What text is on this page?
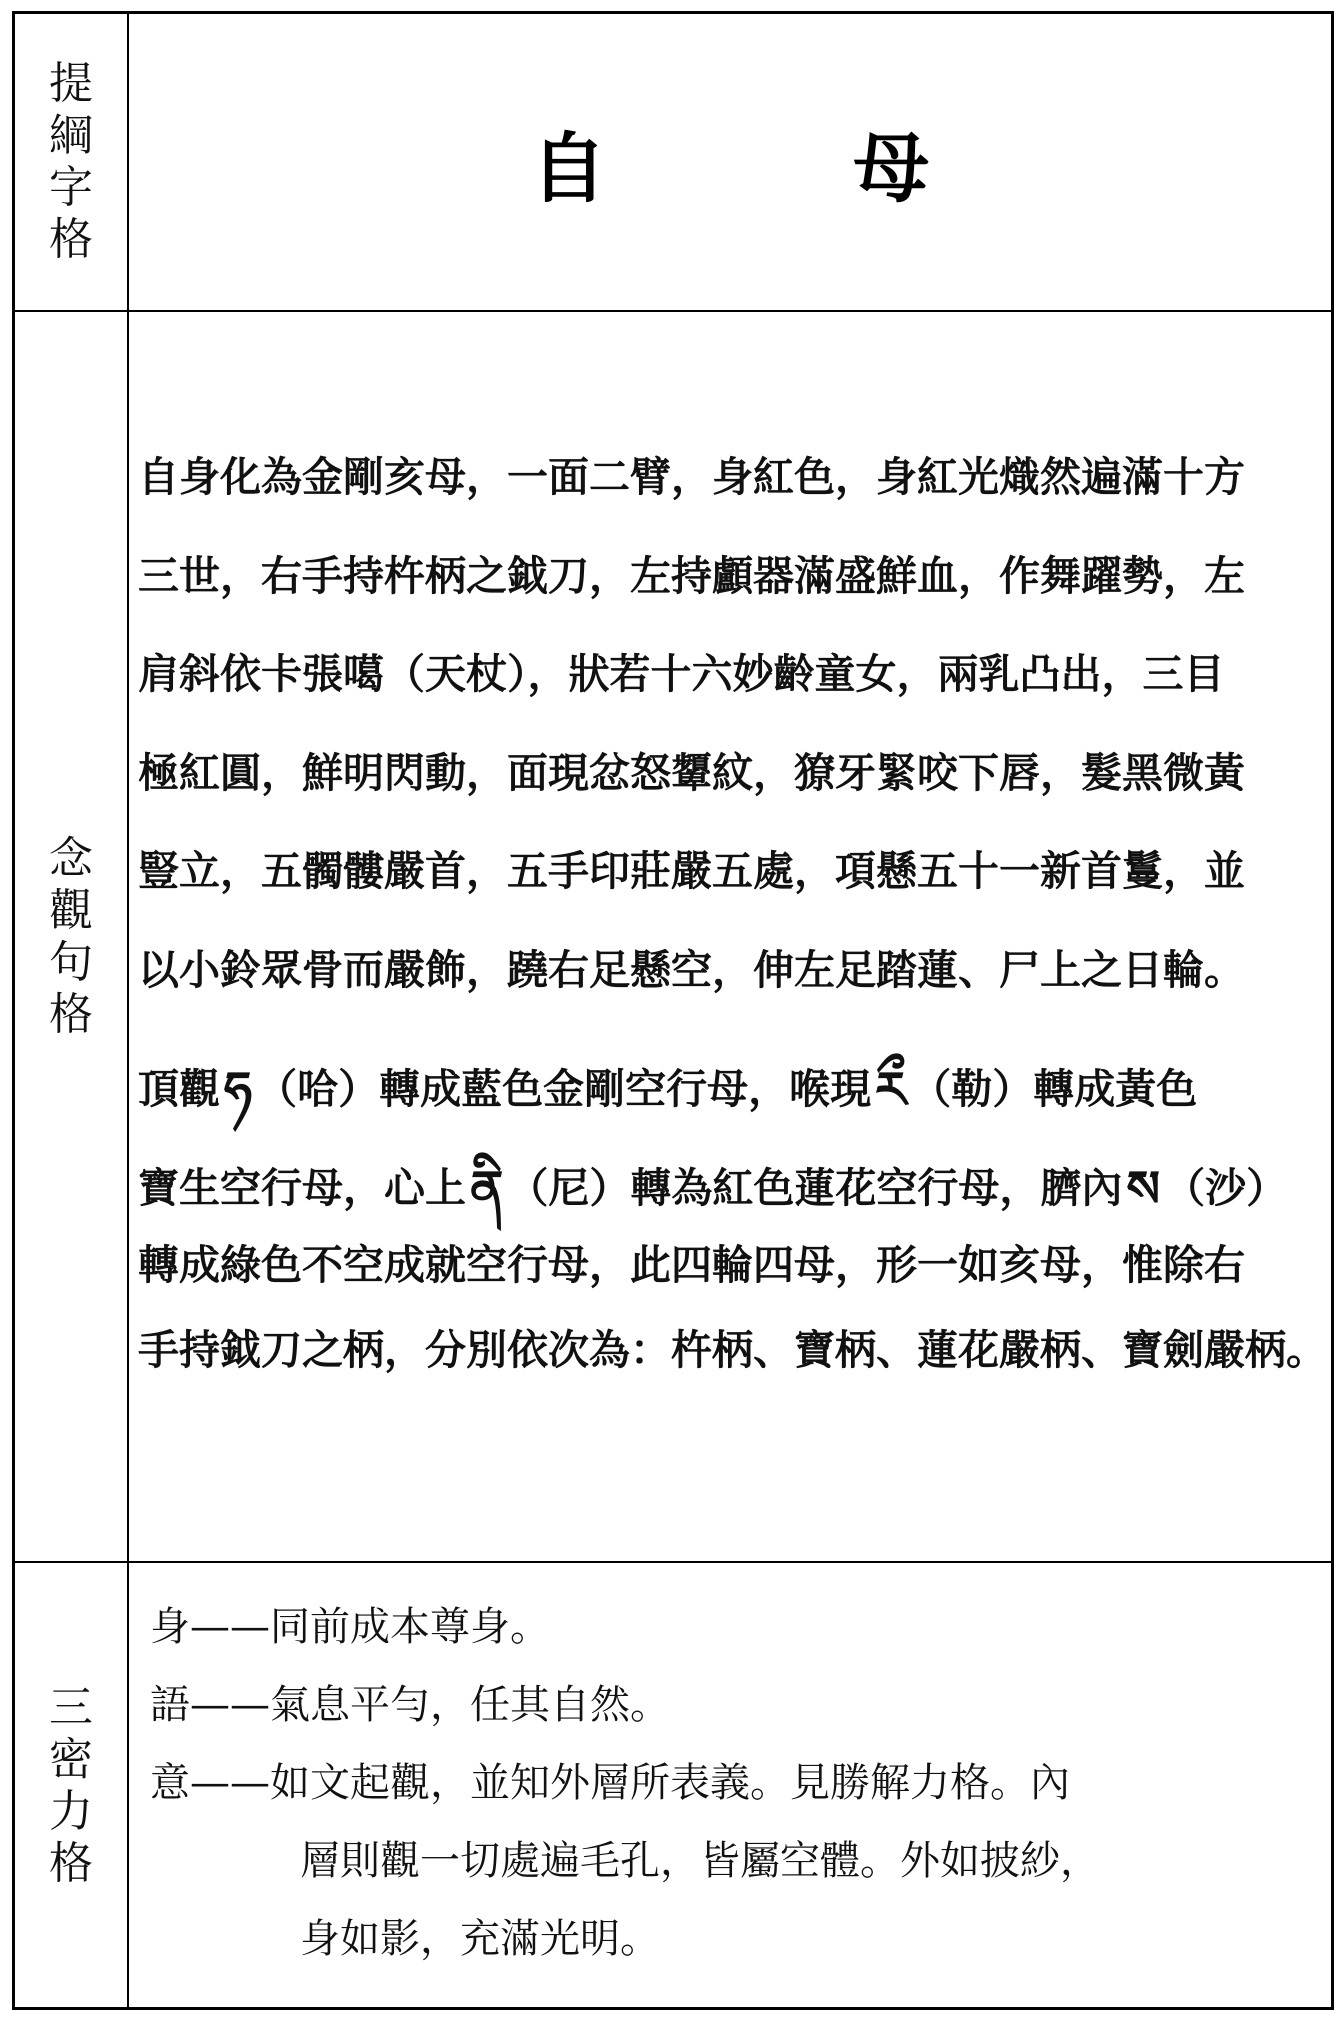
提
綱
字
格
自 母
念
觀
句
格
三
密
力
格
自身化為金剛亥母，一面二臂，身紅色，身紅光熾然遍滿十方
三世，右手持杵柄之鉞刀，左持顱器滿盛鮮血，作舞躍勢，左
肩斜依卡張噶（天杖），狀若十六妙齡童女，兩乳凸出，三目
極紅圓，鮮明閃動，面現忿怒顰紋，獠牙緊咬下唇，髮黑微黃
豎立，五髑髏嚴首，五手印莊嚴五處，項懸五十一新首鬘，並
以小鈴眾骨而嚴飾，蹺右足懸空，伸左足踏蓮、尸上之日輪。
頂觀ཧ（哈）轉成藍色金剛空行母，喉現རྀ（勒）轉成黃色
寶生空行母，心上ནི（尼）轉為紅色蓮花空行母，臍內ས（沙）
轉成綠色不空成就空行母，此四輪四母，形一如亥母，惟除右
手持鉞刀之柄，分別依次為：杵柄、寶柄、蓮花嚴柄、寶劍嚴柄。
身——同前成本尊身。
語——氣息平勻，任其自然。
意——如文起觀，並知外層所表義。見勝解力格。內
層則觀一切處遍毛孔，皆屬空體。外如披紗，
身如影，充滿光明。
